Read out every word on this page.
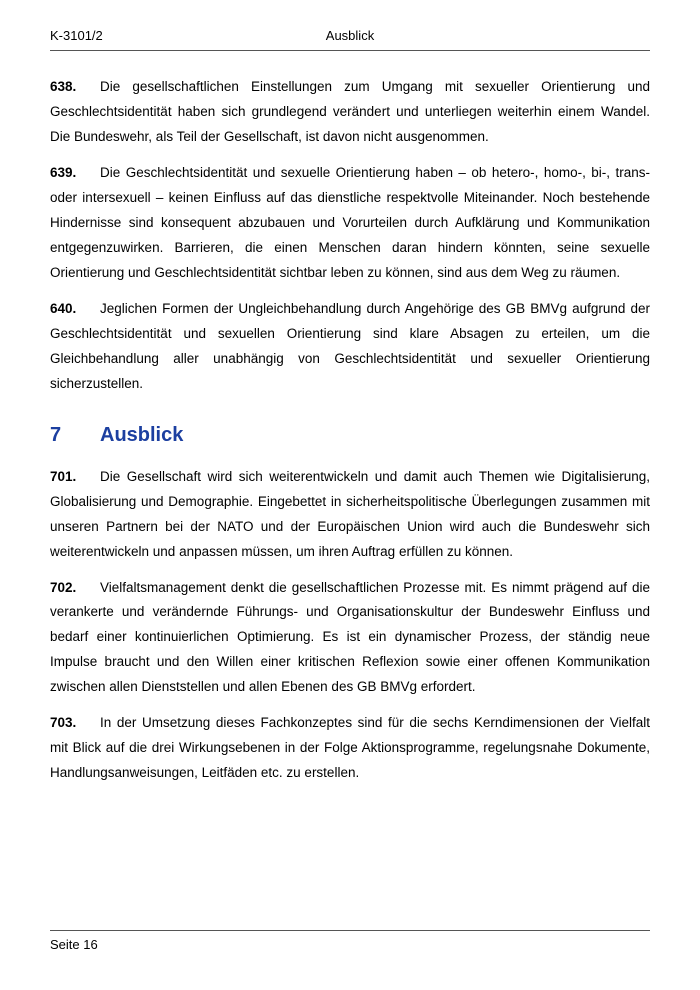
K-3101/2	Ausblick

638. Die gesellschaftlichen Einstellungen zum Umgang mit sexueller Orientierung und Geschlechtsidentität haben sich grundlegend verändert und unterliegen weiterhin einem Wandel. Die Bundeswehr, als Teil der Gesellschaft, ist davon nicht ausgenommen.

639. Die Geschlechtsidentität und sexuelle Orientierung haben – ob hetero-, homo-, bi-, trans- oder intersexuell – keinen Einfluss auf das dienstliche respektvolle Miteinander. Noch bestehende Hindernisse sind konsequent abzubauen und Vorurteilen durch Aufklärung und Kommunikation entgegenzuwirken. Barrieren, die einen Menschen daran hindern könnten, seine sexuelle Orientierung und Geschlechtsidentität sichtbar leben zu können, sind aus dem Weg zu räumen.

640. Jeglichen Formen der Ungleichbehandlung durch Angehörige des GB BMVg aufgrund der Geschlechtsidentität und sexuellen Orientierung sind klare Absagen zu erteilen, um die Gleichbehandlung aller unabhängig von Geschlechtsidentität und sexueller Orientierung sicherzustellen.

7 Ausblick

701. Die Gesellschaft wird sich weiterentwickeln und damit auch Themen wie Digitalisierung, Globalisierung und Demographie. Eingebettet in sicherheitspolitische Überlegungen zusammen mit unseren Partnern bei der NATO und der Europäischen Union wird auch die Bundeswehr sich weiterentwickeln und anpassen müssen, um ihren Auftrag erfüllen zu können.

702. Vielfaltsmanagement denkt die gesellschaftlichen Prozesse mit. Es nimmt prägend auf die verankerte und verändernde Führungs- und Organisationskultur der Bundeswehr Einfluss und bedarf einer kontinuierlichen Optimierung. Es ist ein dynamischer Prozess, der ständig neue Impulse braucht und den Willen einer kritischen Reflexion sowie einer offenen Kommunikation zwischen allen Dienststellen und allen Ebenen des GB BMVg erfordert.

703. In der Umsetzung dieses Fachkonzeptes sind für die sechs Kerndimensionen der Vielfalt mit Blick auf die drei Wirkungsebenen in der Folge Aktionsprogramme, regelungsnahe Dokumente, Handlungsanweisungen, Leitfäden etc. zu erstellen.

Seite 16
